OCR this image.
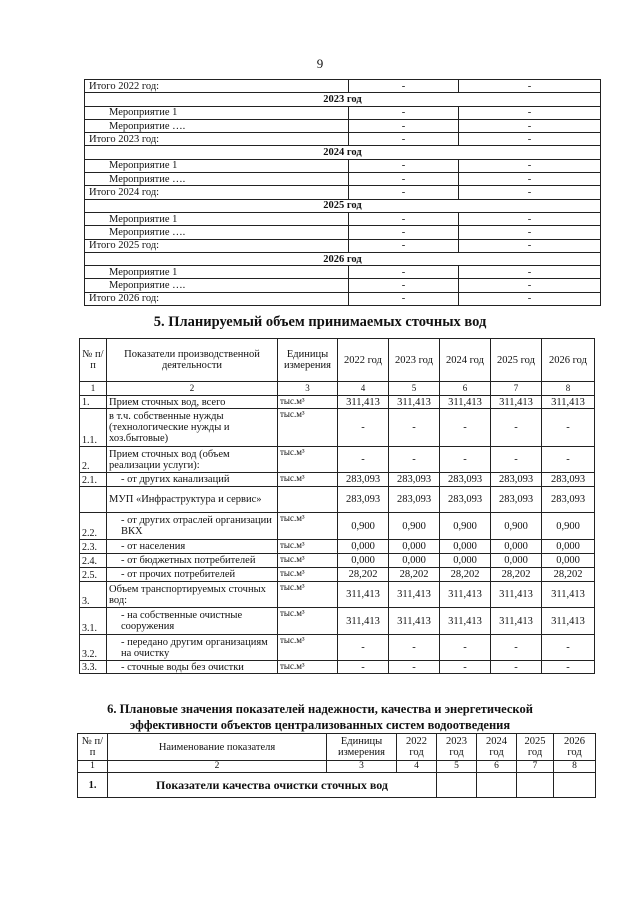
9
Итого 2022 год:	-	-
2023 год		
Мероприятие 1	-	-
Мероприятие ….	-	-
Итого 2023 год:	-	-
2024 год		
Мероприятие 1	-	-
Мероприятие ….	-	-
Итого 2024 год:	-	-
2025 год		
Мероприятие 1	-	-
Мероприятие ….	-	-
Итого 2025 год:	-	-
2026 год		
Мероприятие 1	-	-
Мероприятие ….	-	-
Итого 2026 год:	-	-
5. Планируемый объем принимаемых сточных вод
№ п/п	Показатели производственной деятельности	Единицы измерения	2022 год	2023 год	2024 год	2025 год	2026 год
1	2	3	4	5	6	7	8
1.	Прием сточных вод, всего	тыс.м³	311,413	311,413	311,413	311,413	311,413
1.1.	в т.ч. собственные нужды (технологические нужды и хоз.бытовые)	тыс.м³	-	-	-	-	-
2.	Прием сточных вод (объем реализации услуги):	тыс.м³	-	-	-	-	-
2.1.	- от других канализаций	тыс.м³	283,093	283,093	283,093	283,093	283,093
	МУП «Инфраструктура и сервис»		283,093	283,093	283,093	283,093	283,093
2.2.	- от других отраслей организации ВКХ	тыс.м³	0,900	0,900	0,900	0,900	0,900
2.3.	- от населения	тыс.м³	0,000	0,000	0,000	0,000	0,000
2.4.	- от бюджетных потребителей	тыс.м³	0,000	0,000	0,000	0,000	0,000
2.5.	- от прочих потребителей	тыс.м³	28,202	28,202	28,202	28,202	28,202
3.	Объем транспортируемых сточных вод:	тыс.м³	311,413	311,413	311,413	311,413	311,413
3.1.	- на собственные очистные сооружения	тыс.м³	311,413	311,413	311,413	311,413	311,413
3.2.	- передано другим организациям на очистку	тыс.м³	-	-	-	-	-
3.3.	- сточные воды без очистки	тыс.м³	-	-	-	-	-
6. Плановые значения показателей надежности, качества и энергетической
эффективности объектов централизованных систем водоотведения
№ п/п	Наименование показателя	Единицы измерения	2022 год	2023 год	2024 год	2025 год	2026 год
1	2	3	4	5	6	7	8
1.	Показатели качества очистки сточных вод						
